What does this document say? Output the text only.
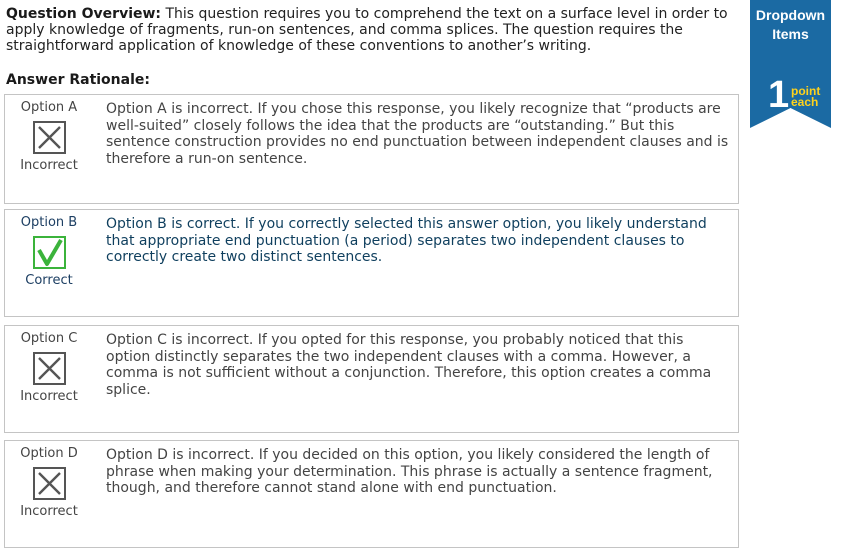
Question Overview: This question requires you to comprehend the text on a surface level in order to apply knowledge of fragments, run-on sentences, and comma splices. The question requires the straightforward application of knowledge of these conventions to another’s writing.
Answer Rationale:
Option A
Incorrect
Option A is incorrect. If you chose this response, you likely recognize that “products are well-suited” closely follows the idea that the products are “outstanding.” But this sentence construction provides no end punctuation between independent clauses and is therefore a run-on sentence.
Option B
Correct
Option B is correct. If you correctly selected this answer option, you likely understand that appropriate end punctuation (a period) separates two independent clauses to correctly create two distinct sentences.
Option C
Incorrect
Option C is incorrect. If you opted for this response, you probably noticed that this option distinctly separates the two independent clauses with a comma. However, a comma is not sufficient without a conjunction. Therefore, this option creates a comma splice.
Option D
Incorrect
Option D is incorrect. If you decided on this option, you likely considered the length of phrase when making your determination. This phrase is actually a sentence fragment, though, and therefore cannot stand alone with end punctuation.
Dropdown
Items
1 point
each
